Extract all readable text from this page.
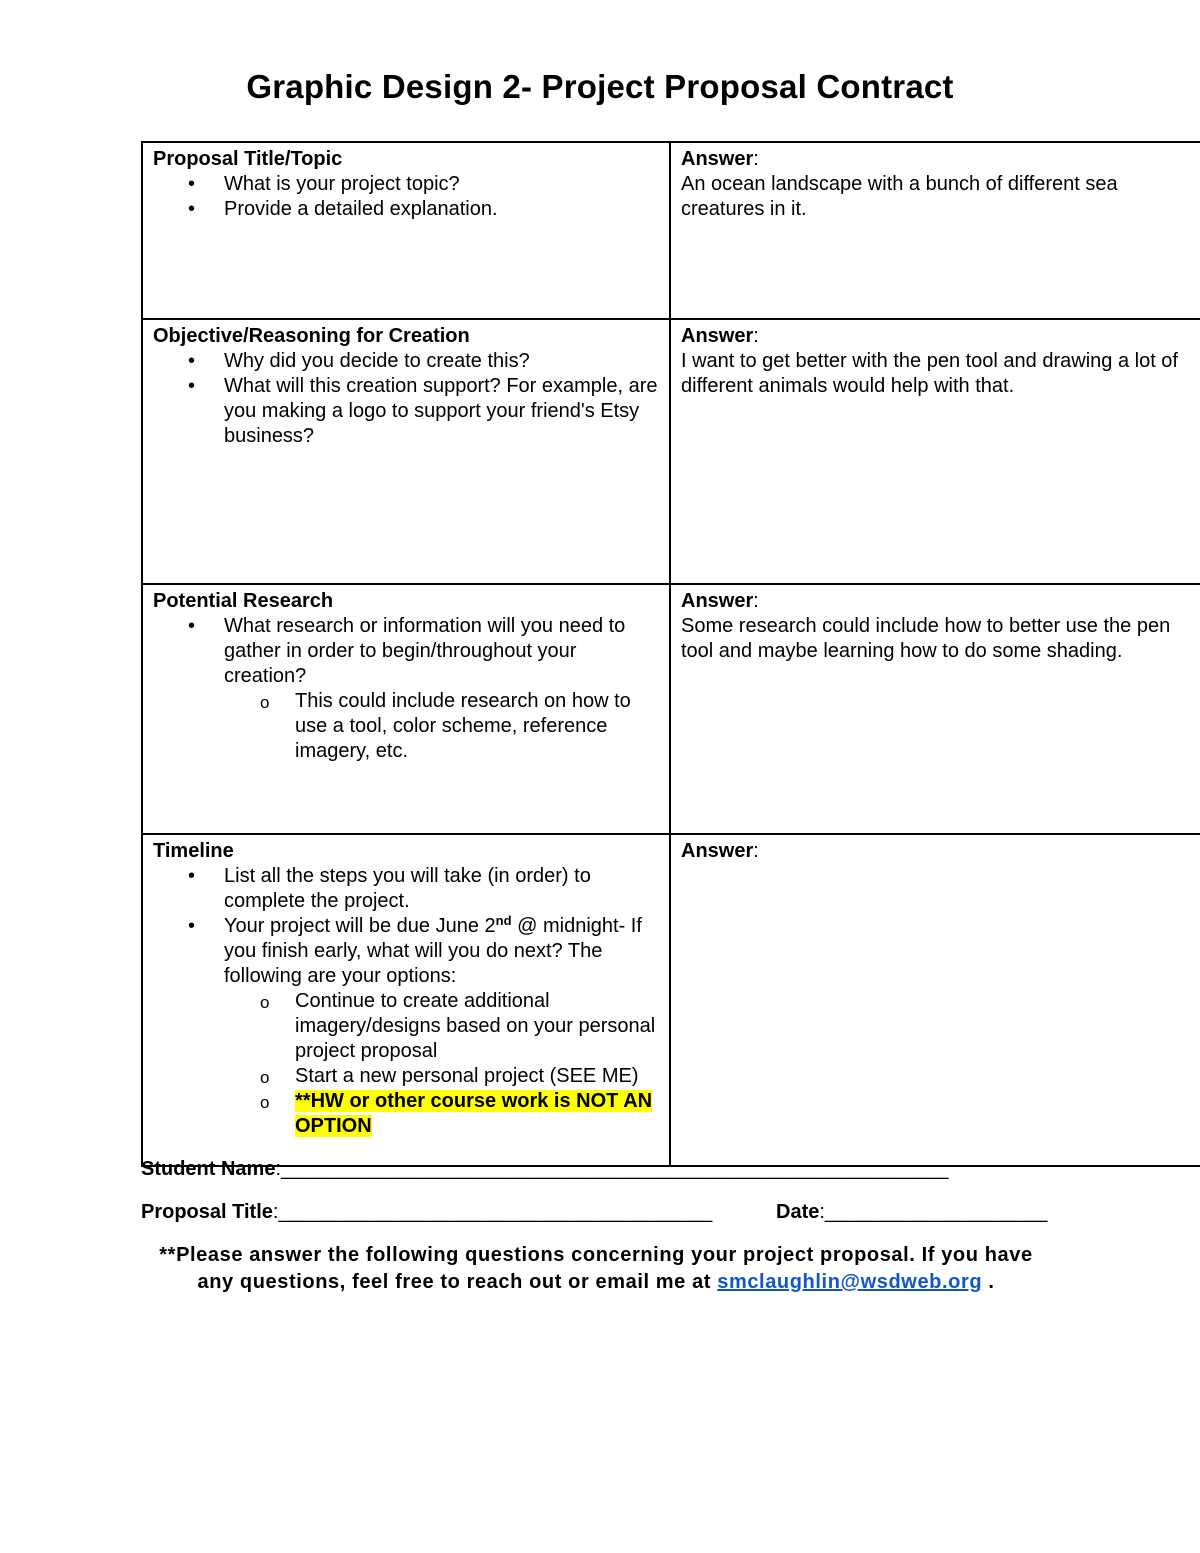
Graphic Design 2- Project Proposal Contract
Proposal Title/Topic
• What is your project topic?
• Provide a detailed explanation.
Answer:
An ocean landscape with a bunch of different sea creatures in it.
Objective/Reasoning for Creation
• Why did you decide to create this?
• What will this creation support? For example, are you making a logo to support your friend's Etsy business?
Answer:
I want to get better with the pen tool and drawing a lot of different animals would help with that.
Potential Research
• What research or information will you need to gather in order to begin/throughout your creation?
o This could include research on how to use a tool, color scheme, reference imagery, etc.
Answer:
Some research could include how to better use the pen tool and maybe learning how to do some shading.
Timeline
• List all the steps you will take (in order) to complete the project.
• Your project will be due June 2nd @ midnight- If you finish early, what will you do next? The following are your options:
o Continue to create additional imagery/designs based on your personal project proposal
o Start a new personal project (SEE ME)
o **HW or other course work is NOT AN OPTION
Answer:
Student Name:____________________________________________________________
Proposal Title:_______________________________________	Date:____________________
**Please answer the following questions concerning your project proposal. If you have any questions, feel free to reach out or email me at smclaughlin@wsdweb.org .
